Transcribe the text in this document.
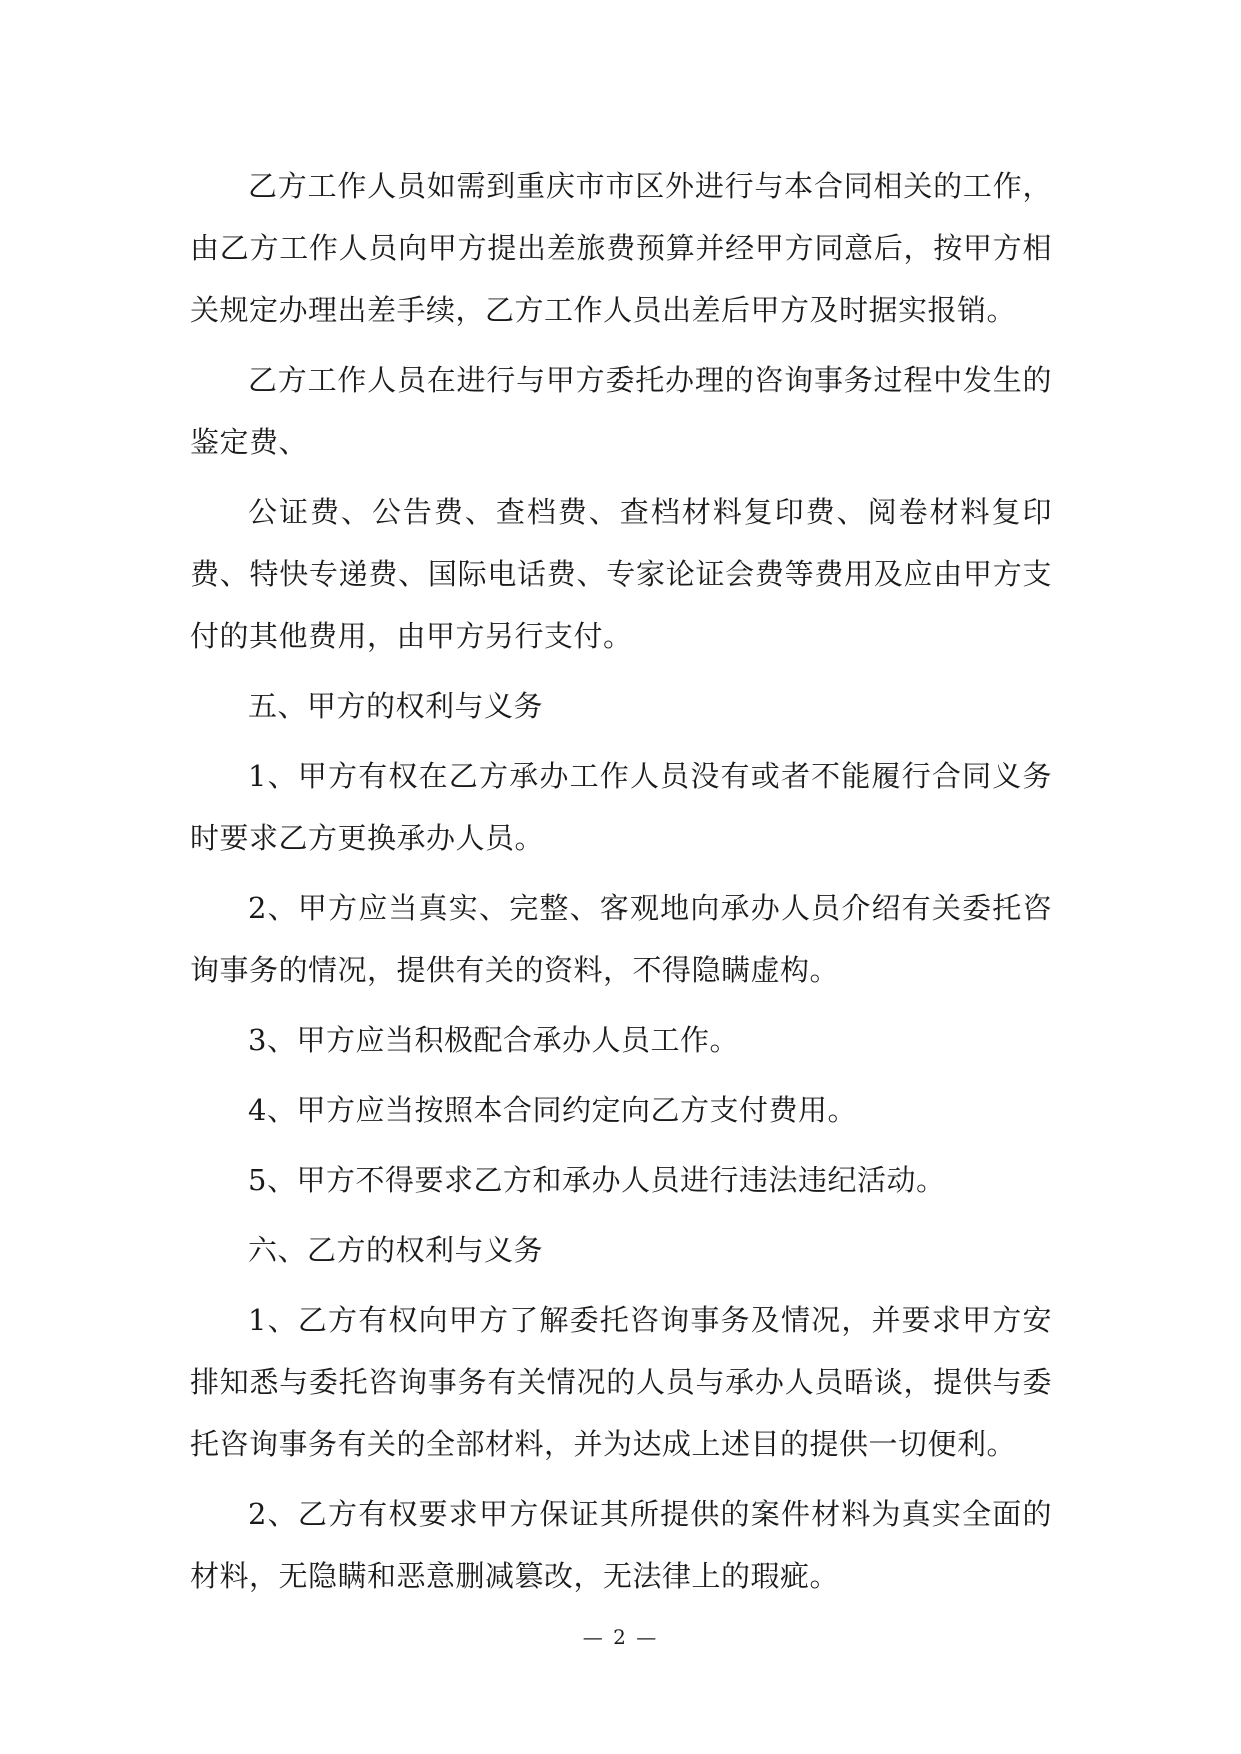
乙方工作人员如需到重庆市市区外进行与本合同相关的工作，由乙方工作人员向甲方提出差旅费预算并经甲方同意后，按甲方相关规定办理出差手续，乙方工作人员出差后甲方及时据实报销。

乙方工作人员在进行与甲方委托办理的咨询事务过程中发生的鉴定费、

公证费、公告费、查档费、查档材料复印费、阅卷材料复印费、特快专递费、国际电话费、专家论证会费等费用及应由甲方支付的其他费用，由甲方另行支付。

五、甲方的权利与义务

1、甲方有权在乙方承办工作人员没有或者不能履行合同义务时要求乙方更换承办人员。

2、甲方应当真实、完整、客观地向承办人员介绍有关委托咨询事务的情况，提供有关的资料，不得隐瞒虚构。

3、甲方应当积极配合承办人员工作。

4、甲方应当按照本合同约定向乙方支付费用。

5、甲方不得要求乙方和承办人员进行违法违纪活动。

六、乙方的权利与义务

1、乙方有权向甲方了解委托咨询事务及情况，并要求甲方安排知悉与委托咨询事务有关情况的人员与承办人员晤谈，提供与委托咨询事务有关的全部材料，并为达成上述目的提供一切便利。

2、乙方有权要求甲方保证其所提供的案件材料为真实全面的材料，无隐瞒和恶意删减篡改，无法律上的瑕疵。

— 2 —
